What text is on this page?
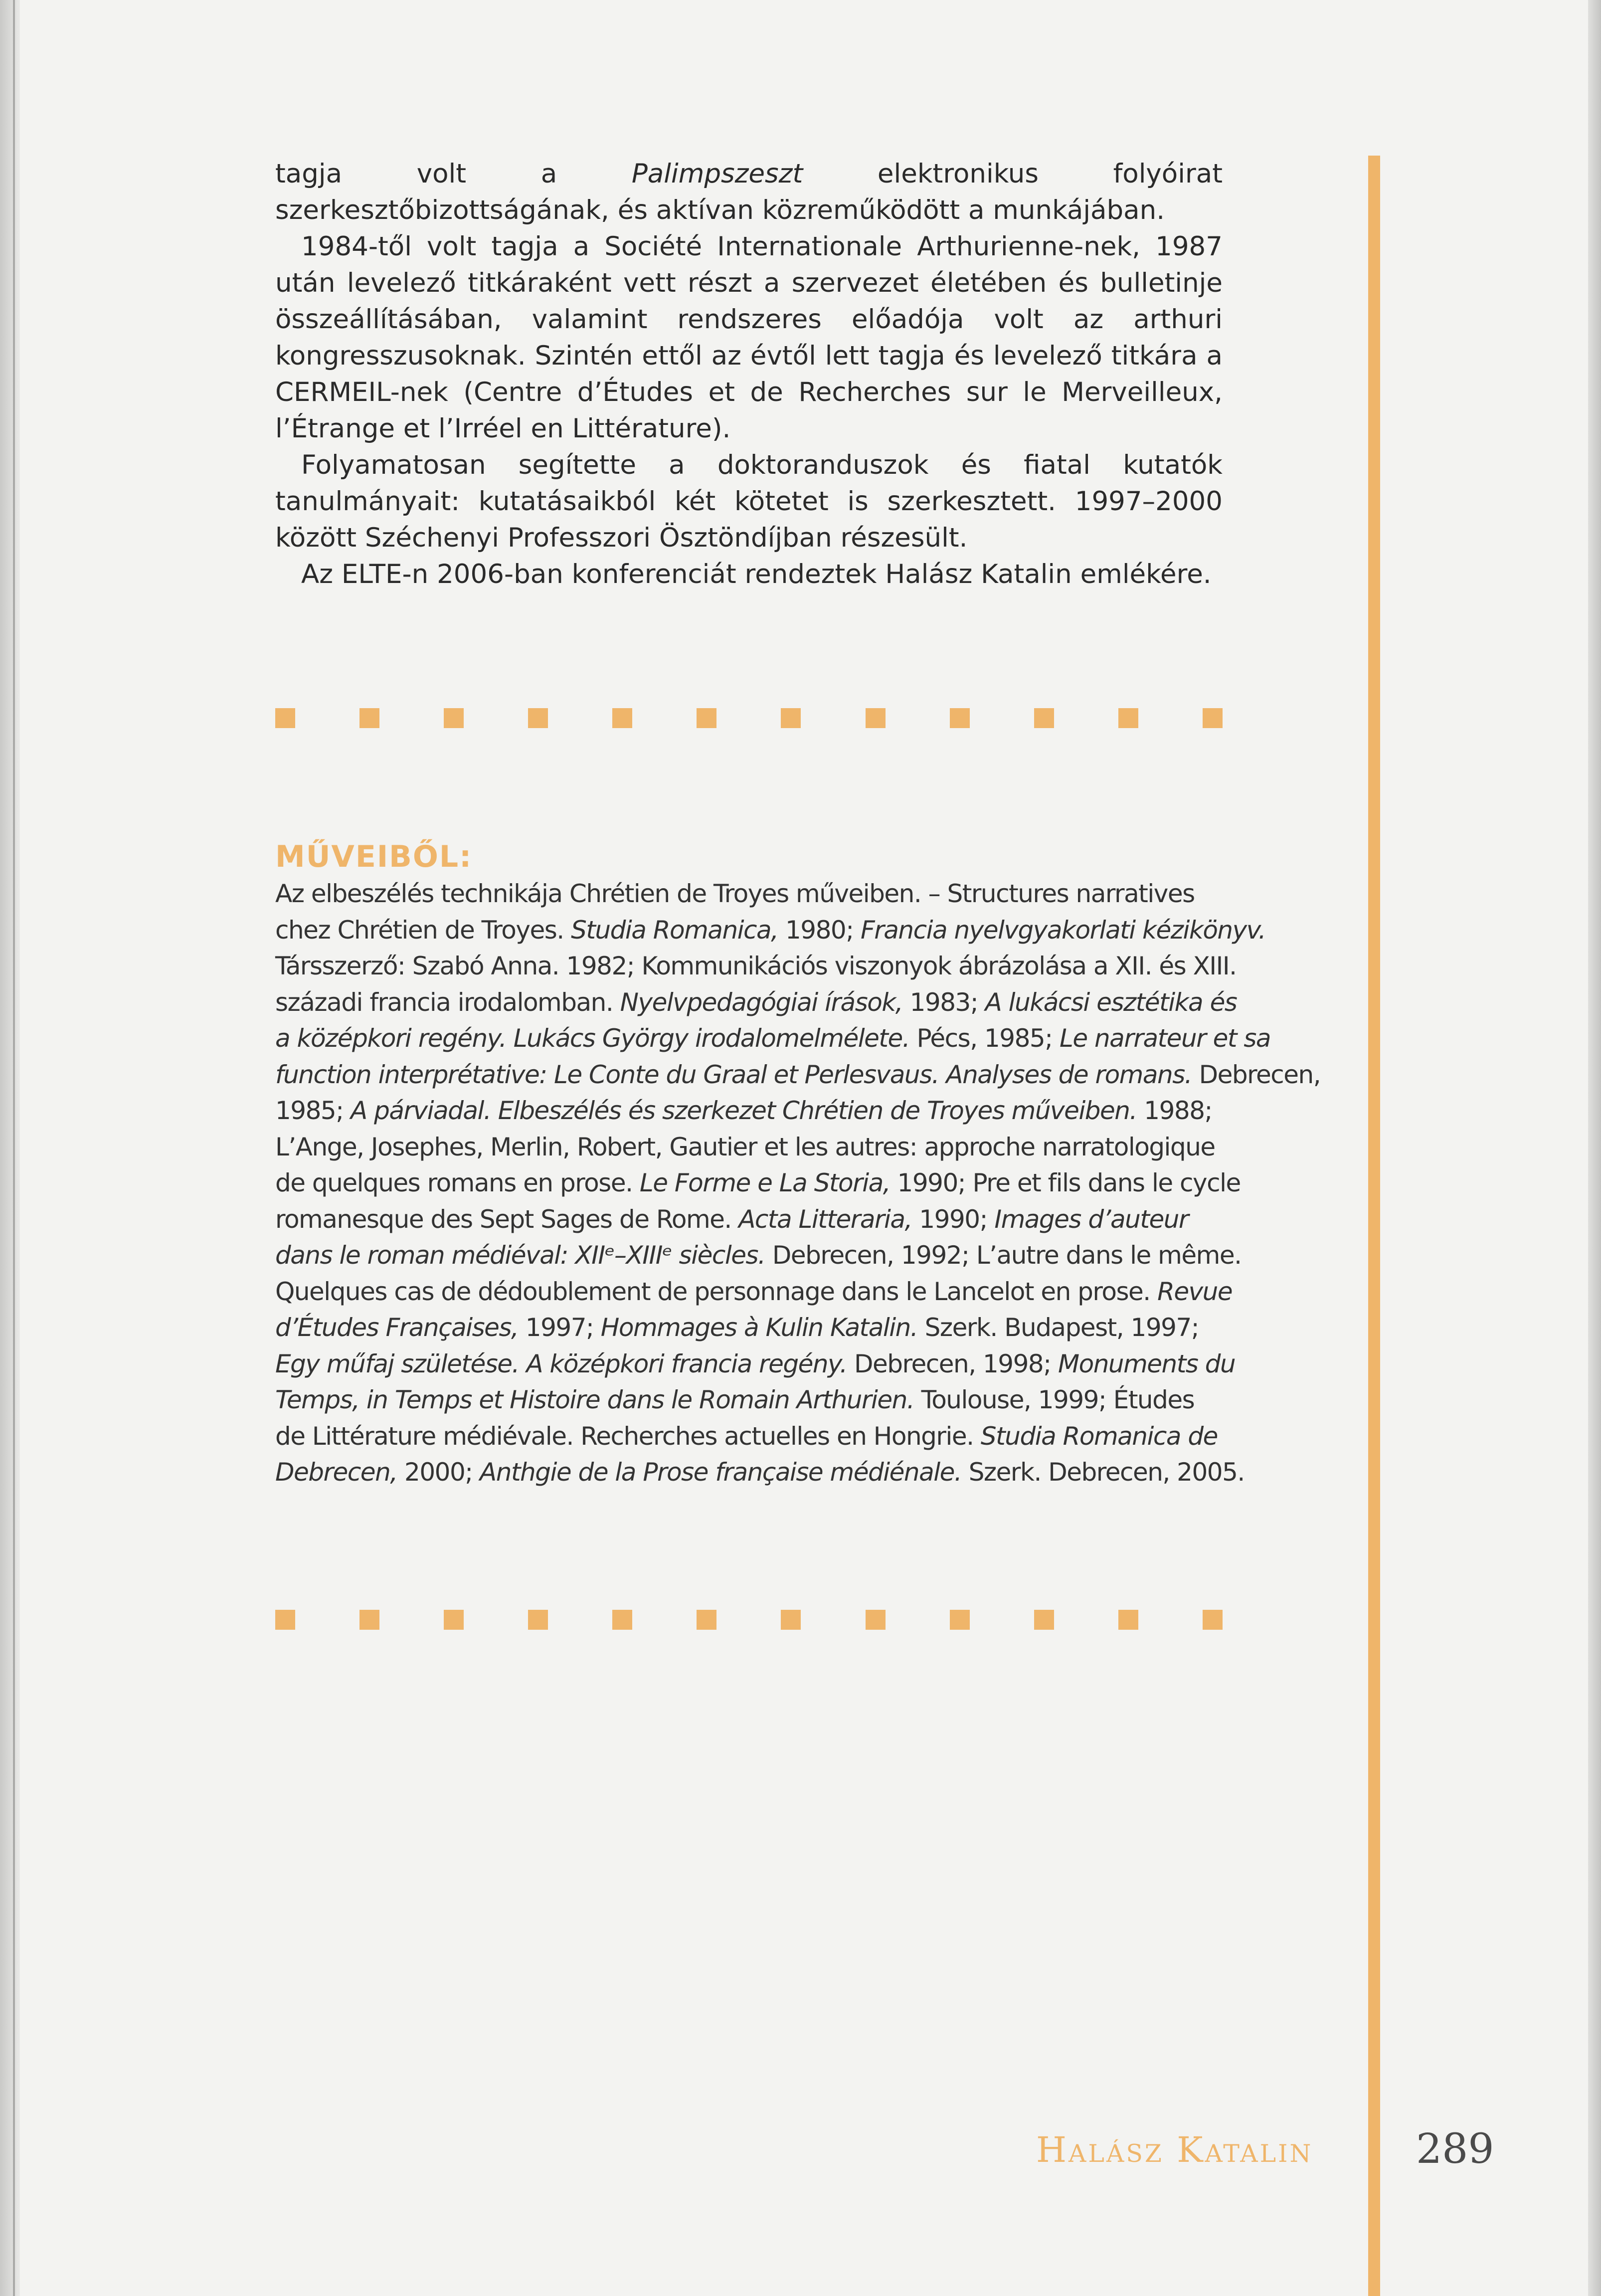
tagja volt a Palimpszeszt elektronikus folyóirat szerkesztőbizottságának, és aktívan közreműködött a munkájában.

1984-től volt tagja a Société Internationale Arthurienne-nek, 1987 után levelező titkáraként vett részt a szervezet életében és bulletinje összeállításában, valamint rendszeres előadója volt az arthuri kongresszusoknak. Szintén ettől az évtől lett tagja és levelező titkára a CERMEIL-nek (Centre d’Études et de Recherches sur le Merveilleux, l’Étrange et l’Irréel en Littérature).

Folyamatosan segítette a doktoranduszok és fiatal kutatók tanulmányait: kutatásaikból két kötetet is szerkesztett. 1997–2000 között Széchenyi Professzori Ösztöndíjban részesült.

Az ELTE-n 2006-ban konferenciát rendeztek Halász Katalin emlékére.

MŰVEIBŐL:
Az elbeszélés technikája Chrétien de Troyes műveiben. – Structures narratives
chez Chrétien de Troyes. Studia Romanica, 1980; Francia nyelvgyakorlati kézikönyv.
Társszerző: Szabó Anna. 1982; Kommunikációs viszonyok ábrázolása a XII. és XIII.
századi francia irodalomban. Nyelvpedagógiai írások, 1983; A lukácsi esztétika és
a középkori regény. Lukács György irodalomelmélete. Pécs, 1985; Le narrateur et sa
function interprétative: Le Conte du Graal et Perlesvaus. Analyses de romans. Debrecen,
1985; A párviadal. Elbeszélés és szerkezet Chrétien de Troyes műveiben. 1988;
L’Ange, Josephes, Merlin, Robert, Gautier et les autres: approche narratologique
de quelques romans en prose. Le Forme e La Storia, 1990; Pre et fils dans le cycle
romanesque des Sept Sages de Rome. Acta Litteraria, 1990; Images d’auteur
dans le roman médiéval: XIIᵉ–XIIIᵉ siècles. Debrecen, 1992; L’autre dans le même.
Quelques cas de dédoublement de personnage dans le Lancelot en prose. Revue
d’Études Françaises, 1997; Hommages à Kulin Katalin. Szerk. Budapest, 1997;
Egy műfaj születése. A középkori francia regény. Debrecen, 1998; Monuments du
Temps, in Temps et Histoire dans le Romain Arthurien. Toulouse, 1999; Études
de Littérature médiévale. Recherches actuelles en Hongrie. Studia Romanica de
Debrecen, 2000; Anthgie de la Prose française médiénale. Szerk. Debrecen, 2005.
Halász Katalin	289
